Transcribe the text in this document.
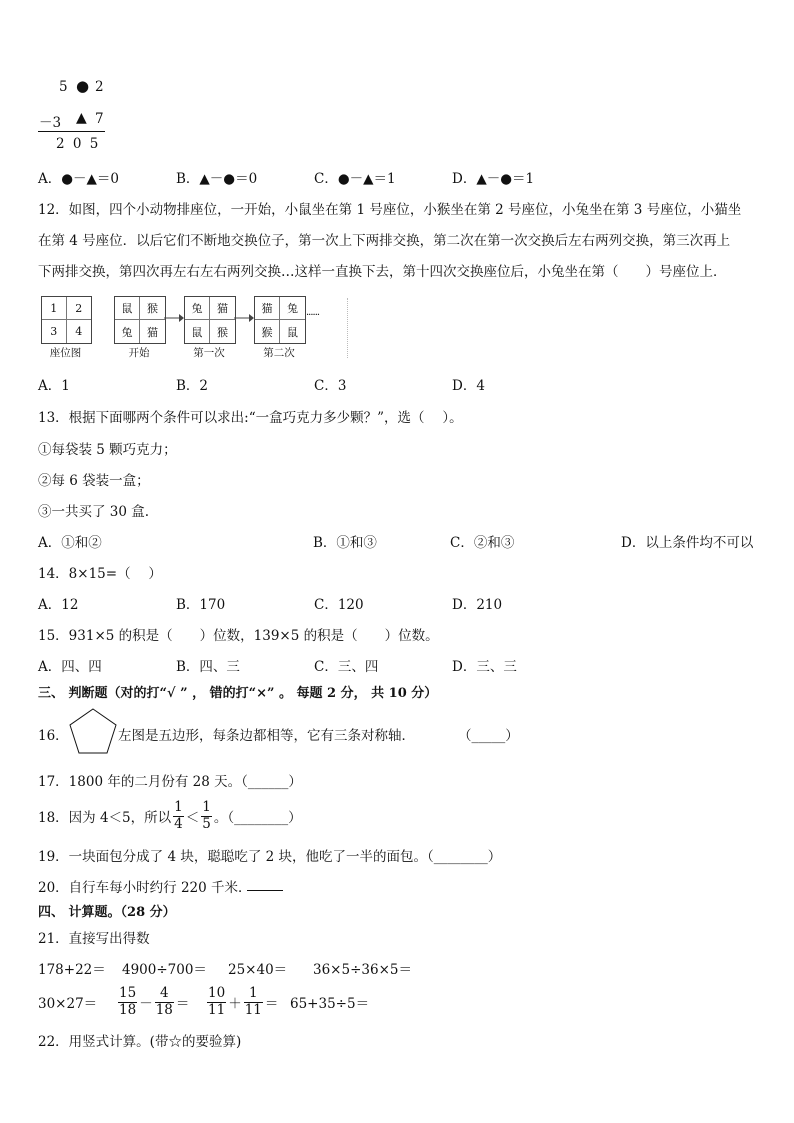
5 ● 2
－3 ▲ 7
2 0 5
A．●－▲＝0	B．▲－●＝0	C．●－▲＝1	D．▲－●＝1
12．如图，四个小动物排座位，一开始，小鼠坐在第 1 号座位，小猴坐在第 2 号座位，小兔坐在第 3 号座位，小猫坐
在第 4 号座位．以后它们不断地交换位子，第一次上下两排交换，第二次在第一次交换后左右两列交换，第三次再上
下两排交换，第四次再左右左右两列交换…这样一直换下去，第十四次交换座位后，小兔坐在第（　　）号座位上．
1	2
3	4
座位图
鼠	猴
兔	猫
开始
兔	猫
鼠	猴
第一次
猫	兔
猴	鼠
第二次
······
A．1	B．2	C．3	D．4
13．根据下面哪两个条件可以求出:“一盒巧克力多少颗？”，选（　 ）。
①每袋装 5 颗巧克力；
②每 6 袋装一盒；
③一共买了 30 盒.
A．①和②	B．①和③	C．②和③	D．以上条件均不可以
14．8×15=（　 ）
A．12	B．170	C．120	D．210
15．931×5 的积是（　　）位数，139×5 的积是（　　）位数。
A．四、四	B．四、三	C．三、四	D．三、三
三、 判断题（对的打“√ ” ， 错的打“×” 。 每题 2 分， 共 10 分）
16．	左图是五边形，每条边都相等，它有三条对称轴．	（_____）
17．1800 年的二月份有 28 天。（______）
18．因为 4＜5，所以 $\frac{1}{4} < \frac{1}{5}$ 。（________）
19．一块面包分成了 4 块，聪聪吃了 2 块，他吃了一半的面包。（________）
20．自行车每小时约行 220 千米．
四、 计算题。（28 分）
21．直接写出得数
178+22＝ 4900÷700＝ 25×40＝ 36×5÷36×5＝
$30\times 27= \frac{15}{18} - \frac{4}{18} = \frac{10}{11} + \frac{1}{11} = 65+35\div 5=$
22．用竖式计算。(带☆的要验算)
